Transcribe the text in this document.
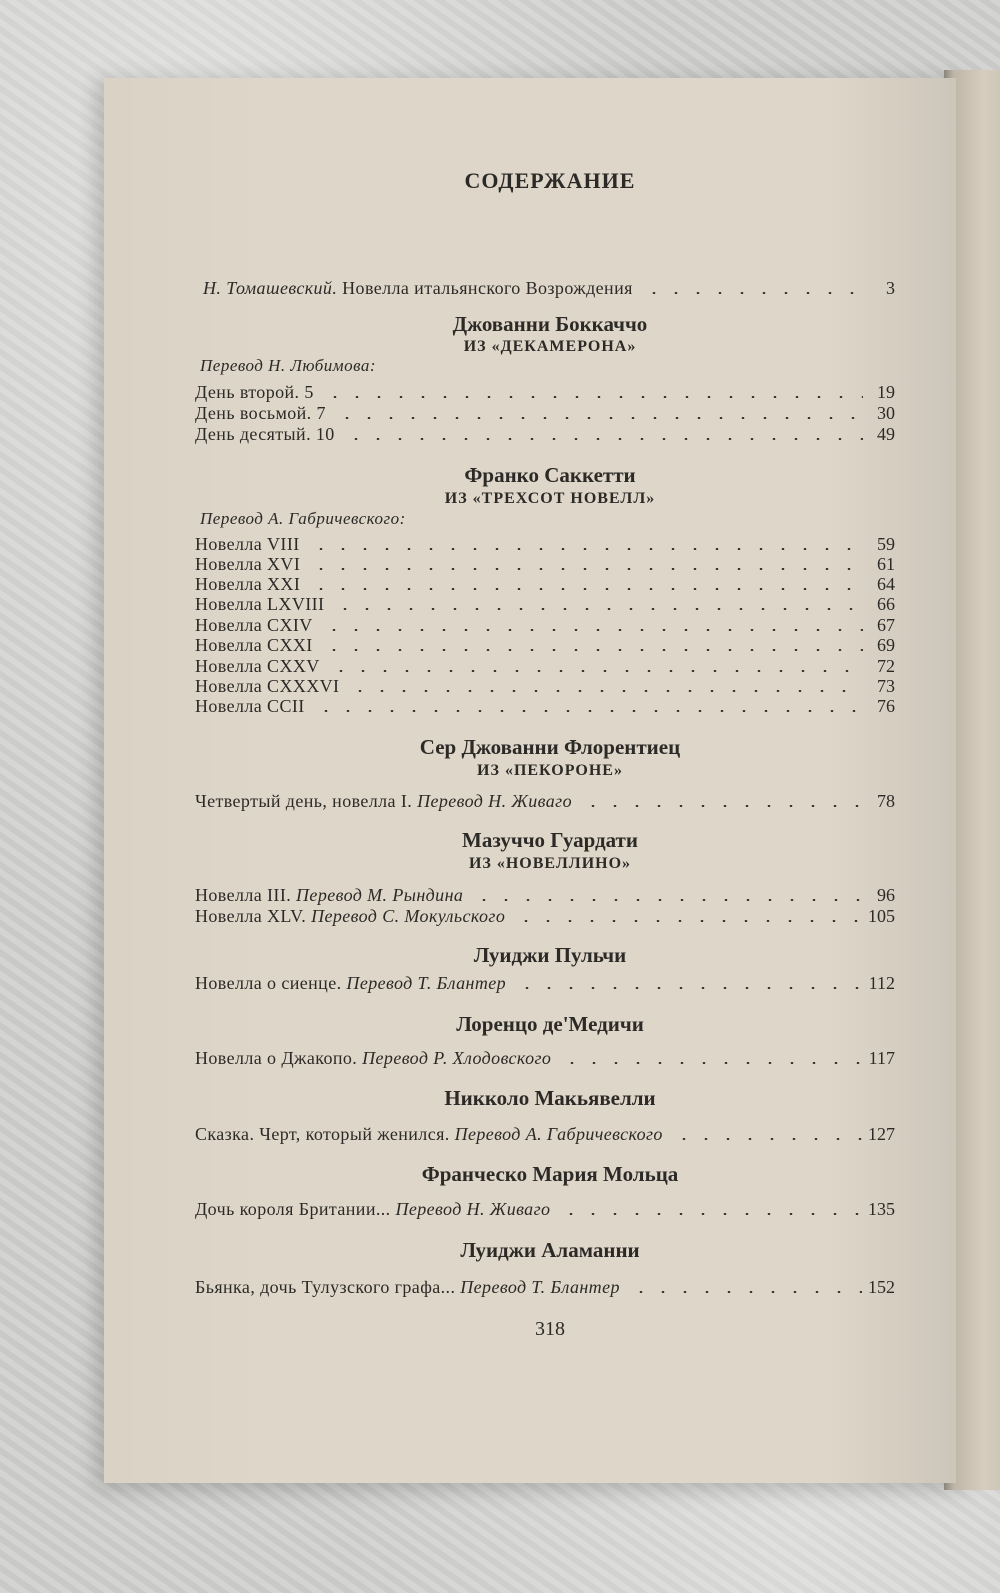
СОДЕРЖАНИЕ
Н. Томашевский. Новелла итальянского Возрождения	3
Джованни Боккаччо
ИЗ «ДЕКАМЕРОНА»
Перевод Н. Любимова:
День второй. 5	19
День восьмой. 7	30
День десятый. 10	49
Франко Саккетти
ИЗ «ТРЕХСОТ НОВЕЛЛ»
Перевод А. Габричевского:
Новелла VIII	59
Новелла XVI	61
Новелла XXI	64
Новелла LXVIII	66
Новелла CXIV	67
Новелла CXXI	69
Новелла CXXV	72
Новелла CXXXVI	73
Новелла CCII	76
Сер Джованни Флорентиец
ИЗ «ПЕКОРОНЕ»
Четвертый день, новелла I. Перевод Н. Живаго	78
Мазуччо Гуардати
ИЗ «НОВЕЛЛИНО»
Новелла III. Перевод М. Рындина	96
Новелла XLV. Перевод С. Мокульского	105
Луиджи Пульчи
Новелла о сиенце. Перевод Т. Блантер	112
Лоренцо де'Медичи
Новелла о Джакопо. Перевод Р. Хлодовского	117
Никколо Макьявелли
Сказка. Черт, который женился. Перевод А. Габричевского	127
Франческо Мария Мольца
Дочь короля Британии... Перевод Н. Живаго	135
Луиджи Аламанни
Бьянка, дочь Тулузского графа... Перевод Т. Блантер	152
318
